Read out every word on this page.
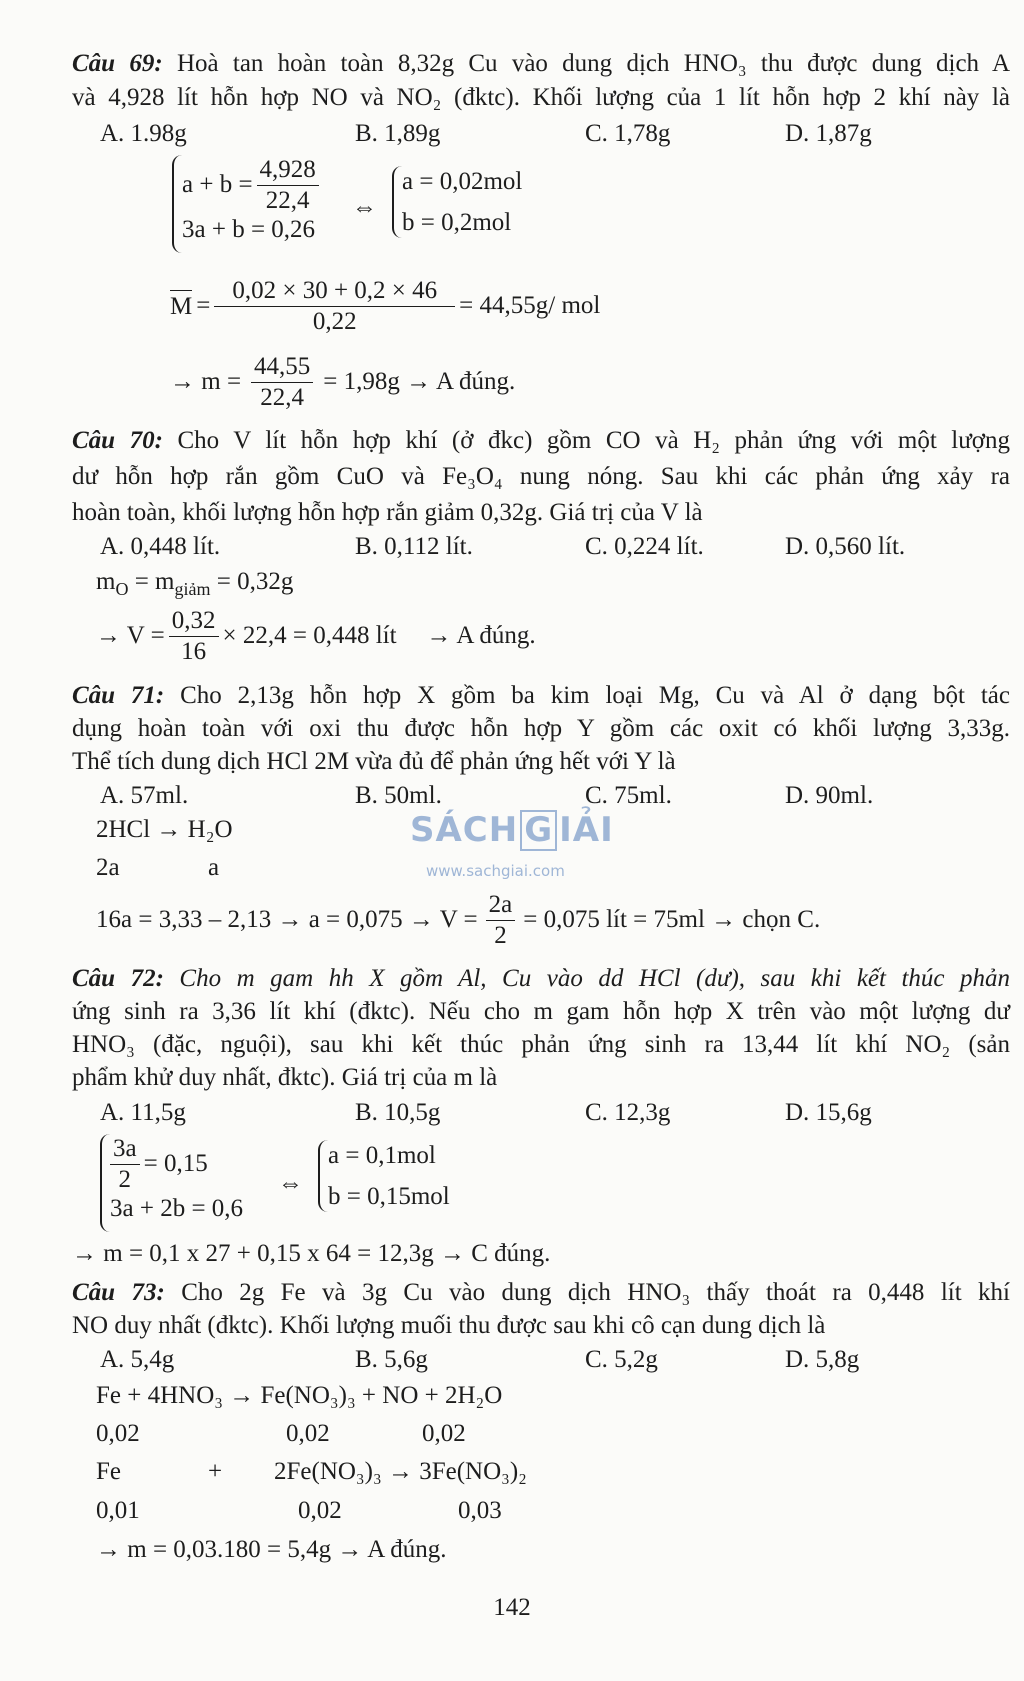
Câu 69: Hoà tan hoàn toàn 8,32g Cu vào dung dịch HNO₃ thu được dung dịch A
và 4,928 lít hỗn hợp NO và NO₂ (đktc). Khối lượng của 1 lít hỗn hợp 2 khí này là
A. 1.98g	B. 1,89g	C. 1,78g	D. 1,87g
$a + b = \frac{4,928}{22,4}$
3a + b = 0,26
⇔
a = 0,02mol
b = 0,2mol
$M = \frac{0,02 \times 30 + 0,2 \times 46}{0,22} = 44,55g/$ mol
→ $m = \frac{44,55}{22,4} = 1,98g \to A$ đúng.
Câu 70: Cho V lít hỗn hợp khí (ở đkc) gồm CO và H₂ phản ứng với một lượng
dư hỗn hợp rắn gồm CuO và Fe₃O₄ nung nóng. Sau khi các phản ứng xảy ra
hoàn toàn, khối lượng hỗn hợp rắn giảm 0,32g. Giá trị của V là
A. 0,448 lít.	B. 0,112 lít.	C. 0,224 lít.	D. 0,560 lít.
$m_O = m_{giảm} = 0,32g$
→ $V = \frac{0,32}{16} \times 22,4 = 0,448$ lít → A đúng.
Câu 71: Cho 2,13g hỗn hợp X gồm ba kim loại Mg, Cu và Al ở dạng bột tác
dụng hoàn toàn với oxi thu được hỗn hợp Y gồm các oxit có khối lượng 3,33g.
Thể tích dung dịch HCl 2M vừa đủ để phản ứng hết với Y là
A. 57ml.	B. 50ml.	C. 75ml.	D. 90ml.
2HCl → H₂O
2a	a
SÁCH G IẢI
www.sachgiai.com
$16a = 3,33 - 2,13 \to a = 0,075 \to V = \frac{2a}{2} = 0,075$ lít = 75ml → chọn C.
Câu 72: Cho m gam hh X gồm Al, Cu vào dd HCl (dư), sau khi kết thúc phản
ứng sinh ra 3,36 lít khí (đktc). Nếu cho m gam hỗn hợp X trên vào một lượng dư
HNO₃ (đặc, nguội), sau khi kết thúc phản ứng sinh ra 13,44 lít khí NO₂ (sản
phẩm khử duy nhất, đktc). Giá trị của m là
A. 11,5g	B. 10,5g	C. 12,3g	D. 15,6g
$\frac{3a}{2} = 0,15$
3a + 2b = 0,6
⇔
a = 0,1mol
b = 0,15mol
→ m = 0,1 x 27 + 0,15 x 64 = 12,3g → C đúng.
Câu 73: Cho 2g Fe và 3g Cu vào dung dịch HNO₃ thấy thoát ra 0,448 lít khí
NO duy nhất (đktc). Khối lượng muối thu được sau khi cô cạn dung dịch là
A. 5,4g	B. 5,6g	C. 5,2g	D. 5,8g
Fe + 4HNO₃ → Fe(NO₃)₃ + NO + 2H₂O
0,02	0,02	0,02
Fe	+ 2Fe(NO₃)₃ → 3Fe(NO₃)₂
0,01	0,02	0,03
→ m = 0,03.180 = 5,4g → A đúng.
142
